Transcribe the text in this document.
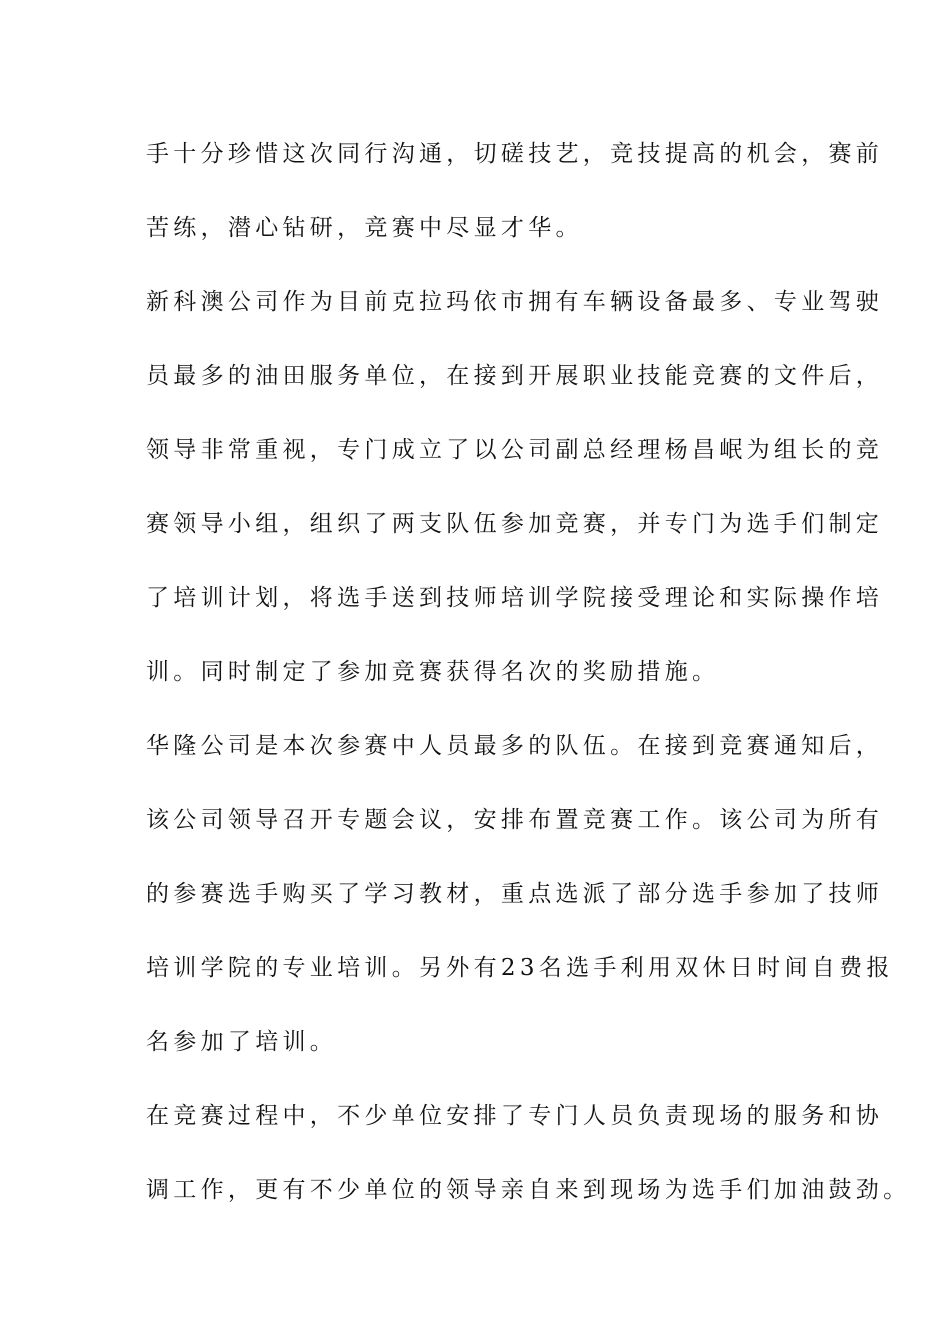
手十分珍惜这次同行沟通，切磋技艺，竞技提高的机会，赛前
苦练，潜心钻研，竞赛中尽显才华。
新科澳公司作为目前克拉玛依市拥有车辆设备最多、专业驾驶
员最多的油田服务单位，在接到开展职业技能竞赛的文件后，
领导非常重视，专门成立了以公司副总经理杨昌岷为组长的竞
赛领导小组，组织了两支队伍参加竞赛，并专门为选手们制定
了培训计划，将选手送到技师培训学院接受理论和实际操作培
训。同时制定了参加竞赛获得名次的奖励措施。
华隆公司是本次参赛中人员最多的队伍。在接到竞赛通知后，
该公司领导召开专题会议，安排布置竞赛工作。该公司为所有
的参赛选手购买了学习教材，重点选派了部分选手参加了技师
培训学院的专业培训。另外有23名选手利用双休日时间自费报
名参加了培训。
在竞赛过程中，不少单位安排了专门人员负责现场的服务和协
调工作，更有不少单位的领导亲自来到现场为选手们加油鼓劲。
